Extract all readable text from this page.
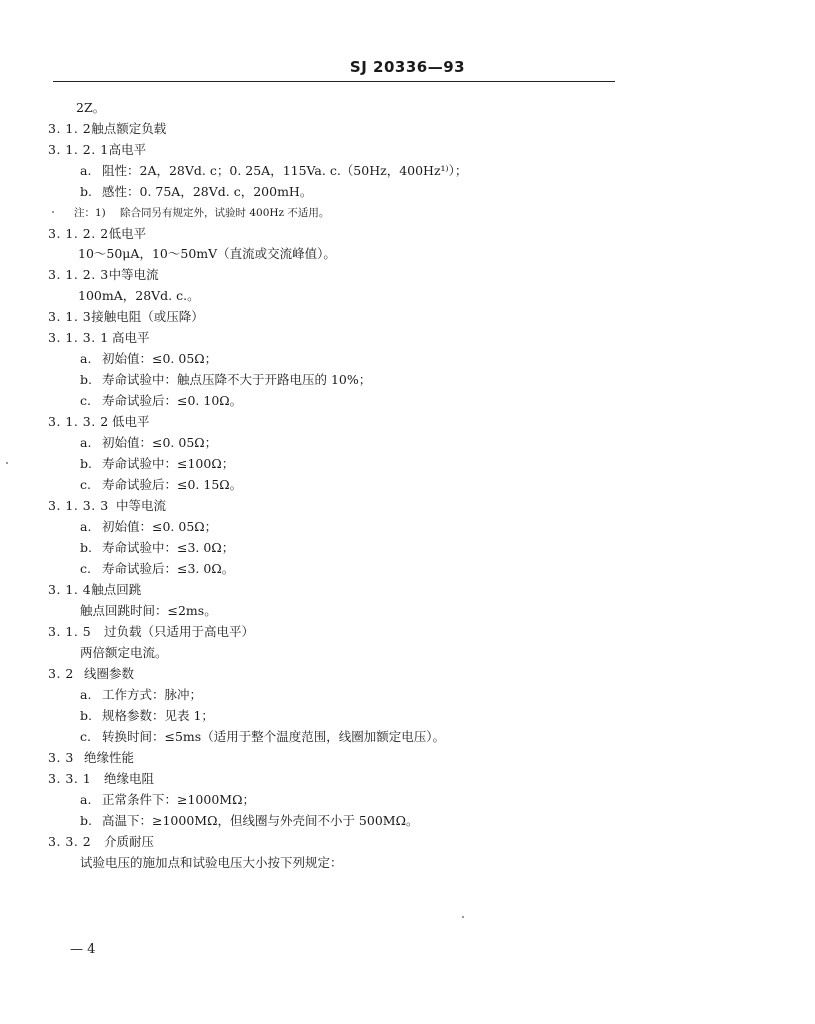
SJ 20336—93
2Z。
3. 1. 2触点额定负载
3. 1. 2. 1高电平
a. 阻性：2A，28Vd. c；0. 25A，115Va. c.（50Hz，400Hz¹⁾）；
b. 感性：0. 75A，28Vd. c，200mH。
注：1) 除合同另有规定外，试验时 400Hz 不适用。
3. 1. 2. 2低电平
10～50μA，10～50mV（直流或交流峰值）。
3. 1. 2. 3中等电流
100mA，28Vd. c.。
3. 1. 3接触电阻（或压降）
3. 1. 3. 1 高电平
a. 初始值：≤0. 05Ω；
b. 寿命试验中：触点压降不大于开路电压的 10%；
c. 寿命试验后：≤0. 10Ω。
3. 1. 3. 2 低电平
a. 初始值：≤0. 05Ω；
b. 寿命试验中：≤100Ω；
c. 寿命试验后：≤0. 15Ω。
3. 1. 3. 3 中等电流
a. 初始值：≤0. 05Ω；
b. 寿命试验中：≤3. 0Ω；
c. 寿命试验后：≤3. 0Ω。
3. 1. 4触点回跳
触点回跳时间：≤2ms。
3. 1. 5 过负载（只适用于高电平）
两倍额定电流。
3. 2 线圈参数
a. 工作方式：脉冲；
b. 规格参数：见表 1；
c. 转换时间：≤5ms（适用于整个温度范围，线圈加额定电压）。
3. 3 绝缘性能
3. 3. 1 绝缘电阻
a. 正常条件下：≥1000MΩ；
b. 高温下：≥1000MΩ，但线圈与外壳间不小于 500MΩ。
3. 3. 2 介质耐压
试验电压的施加点和试验电压大小按下列规定：
— 4
